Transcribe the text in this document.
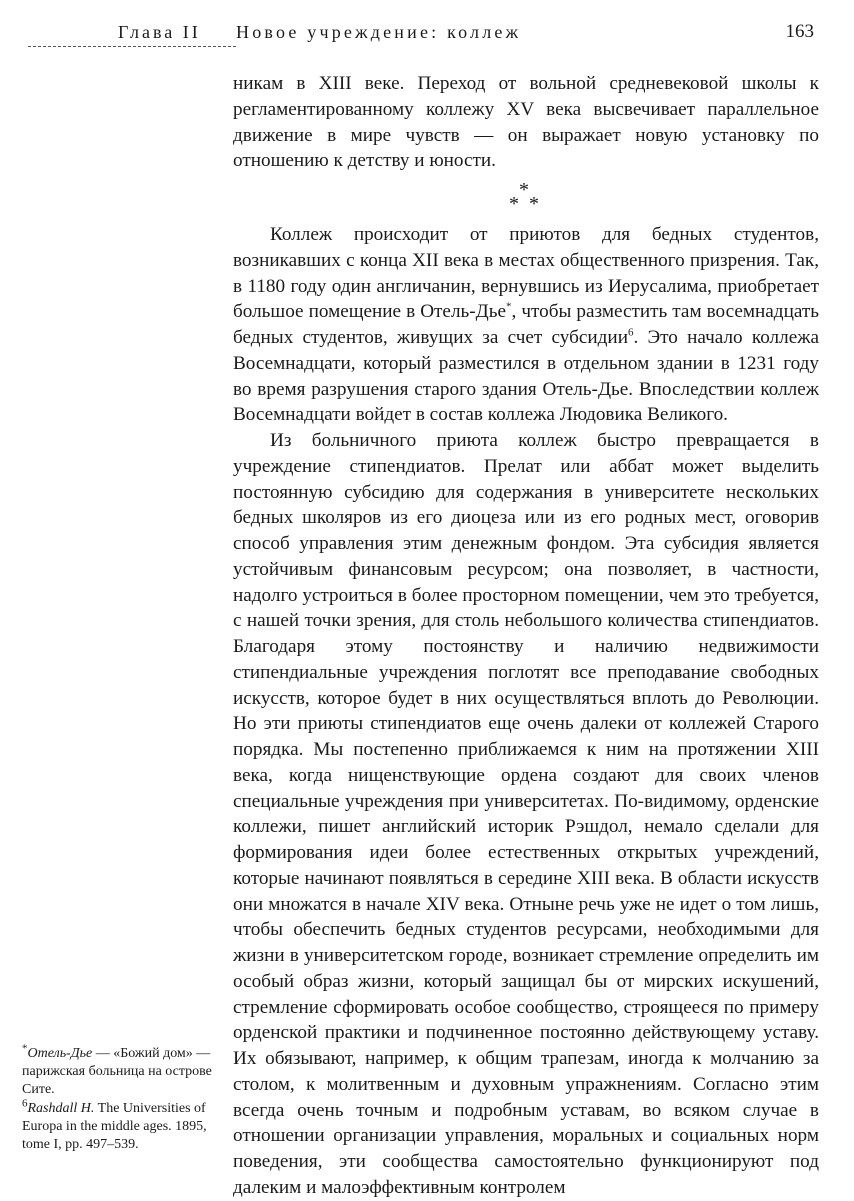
Глава II Новое учреждение: коллеж	163

никам в XIII веке. Переход от вольной средневековой школы к регламентированному коллежу XV века высвечивает параллельное движение в мире чувств — он выражает новую установку по отношению к детству и юности.

*
* *

Коллеж происходит от приютов для бедных студентов, возникавших с конца XII века в местах общественного призрения. Так, в 1180 году один англичанин, вернувшись из Иерусалима, приобретает большое помещение в Отель-Дье*, чтобы разместить там восемнадцать бедных студентов, живущих за счет субсидии$^6$. Это начало коллежа Восемнадцати, который разместился в отдельном здании в 1231 году во время разрушения старого здания Отель-Дье. Впоследствии коллеж Восемнадцати войдет в состав коллежа Людовика Великого.

Из больничного приюта коллеж быстро превращается в учреждение стипендиатов. Прелат или аббат может выделить постоянную субсидию для содержания в университете нескольких бедных школяров из его диоцеза или из его родных мест, оговорив способ управления этим денежным фондом. Эта субсидия является устойчивым финансовым ресурсом; она позволяет, в частности, надолго устроиться в более просторном помещении, чем это требуется, с нашей точки зрения, для столь небольшого количества стипендиатов. Благодаря этому постоянству и наличию недвижимости стипендиальные учреждения поглотят все преподавание свободных искусств, которое будет в них осуществляться вплоть до Революции. Но эти приюты стипендиатов еще очень далеки от коллежей Старого порядка. Мы постепенно приближаемся к ним на протяжении XIII века, когда нищенствующие ордена создают для своих членов специальные учреждения при университетах. По-видимому, орденские коллежи, пишет английский историк Рэшдол, немало сделали для формирования идеи более естественных открытых учреждений, которые начинают появляться в середине XIII века. В области искусств они множатся в начале XIV века. Отныне речь уже не идет о том лишь, чтобы обеспечить бедных студентов ресурсами, необходимыми для жизни в университетском городе, возникает стремление определить им особый образ жизни, который защищал бы от мирских искушений, стремление сформировать особое сообщество, строящееся по примеру орденской практики и подчиненное постоянно действующему уставу. Их обязывают, например, к общим трапезам, иногда к молчанию за столом, к молитвенным и духовным упражнениям. Согласно этим всегда очень точным и подробным уставам, во всяком случае в отношении организации управления, моральных и социальных норм поведения, эти сообщества самостоятельно функционируют под далеким и малоэффективным контролем

*Отель-Дье — «Божий дом» — парижская больница на острове Сите.

$^6$Rashdall H. The Universities of Europa in the middle ages. 1895, tome I, pp. 497–539.
